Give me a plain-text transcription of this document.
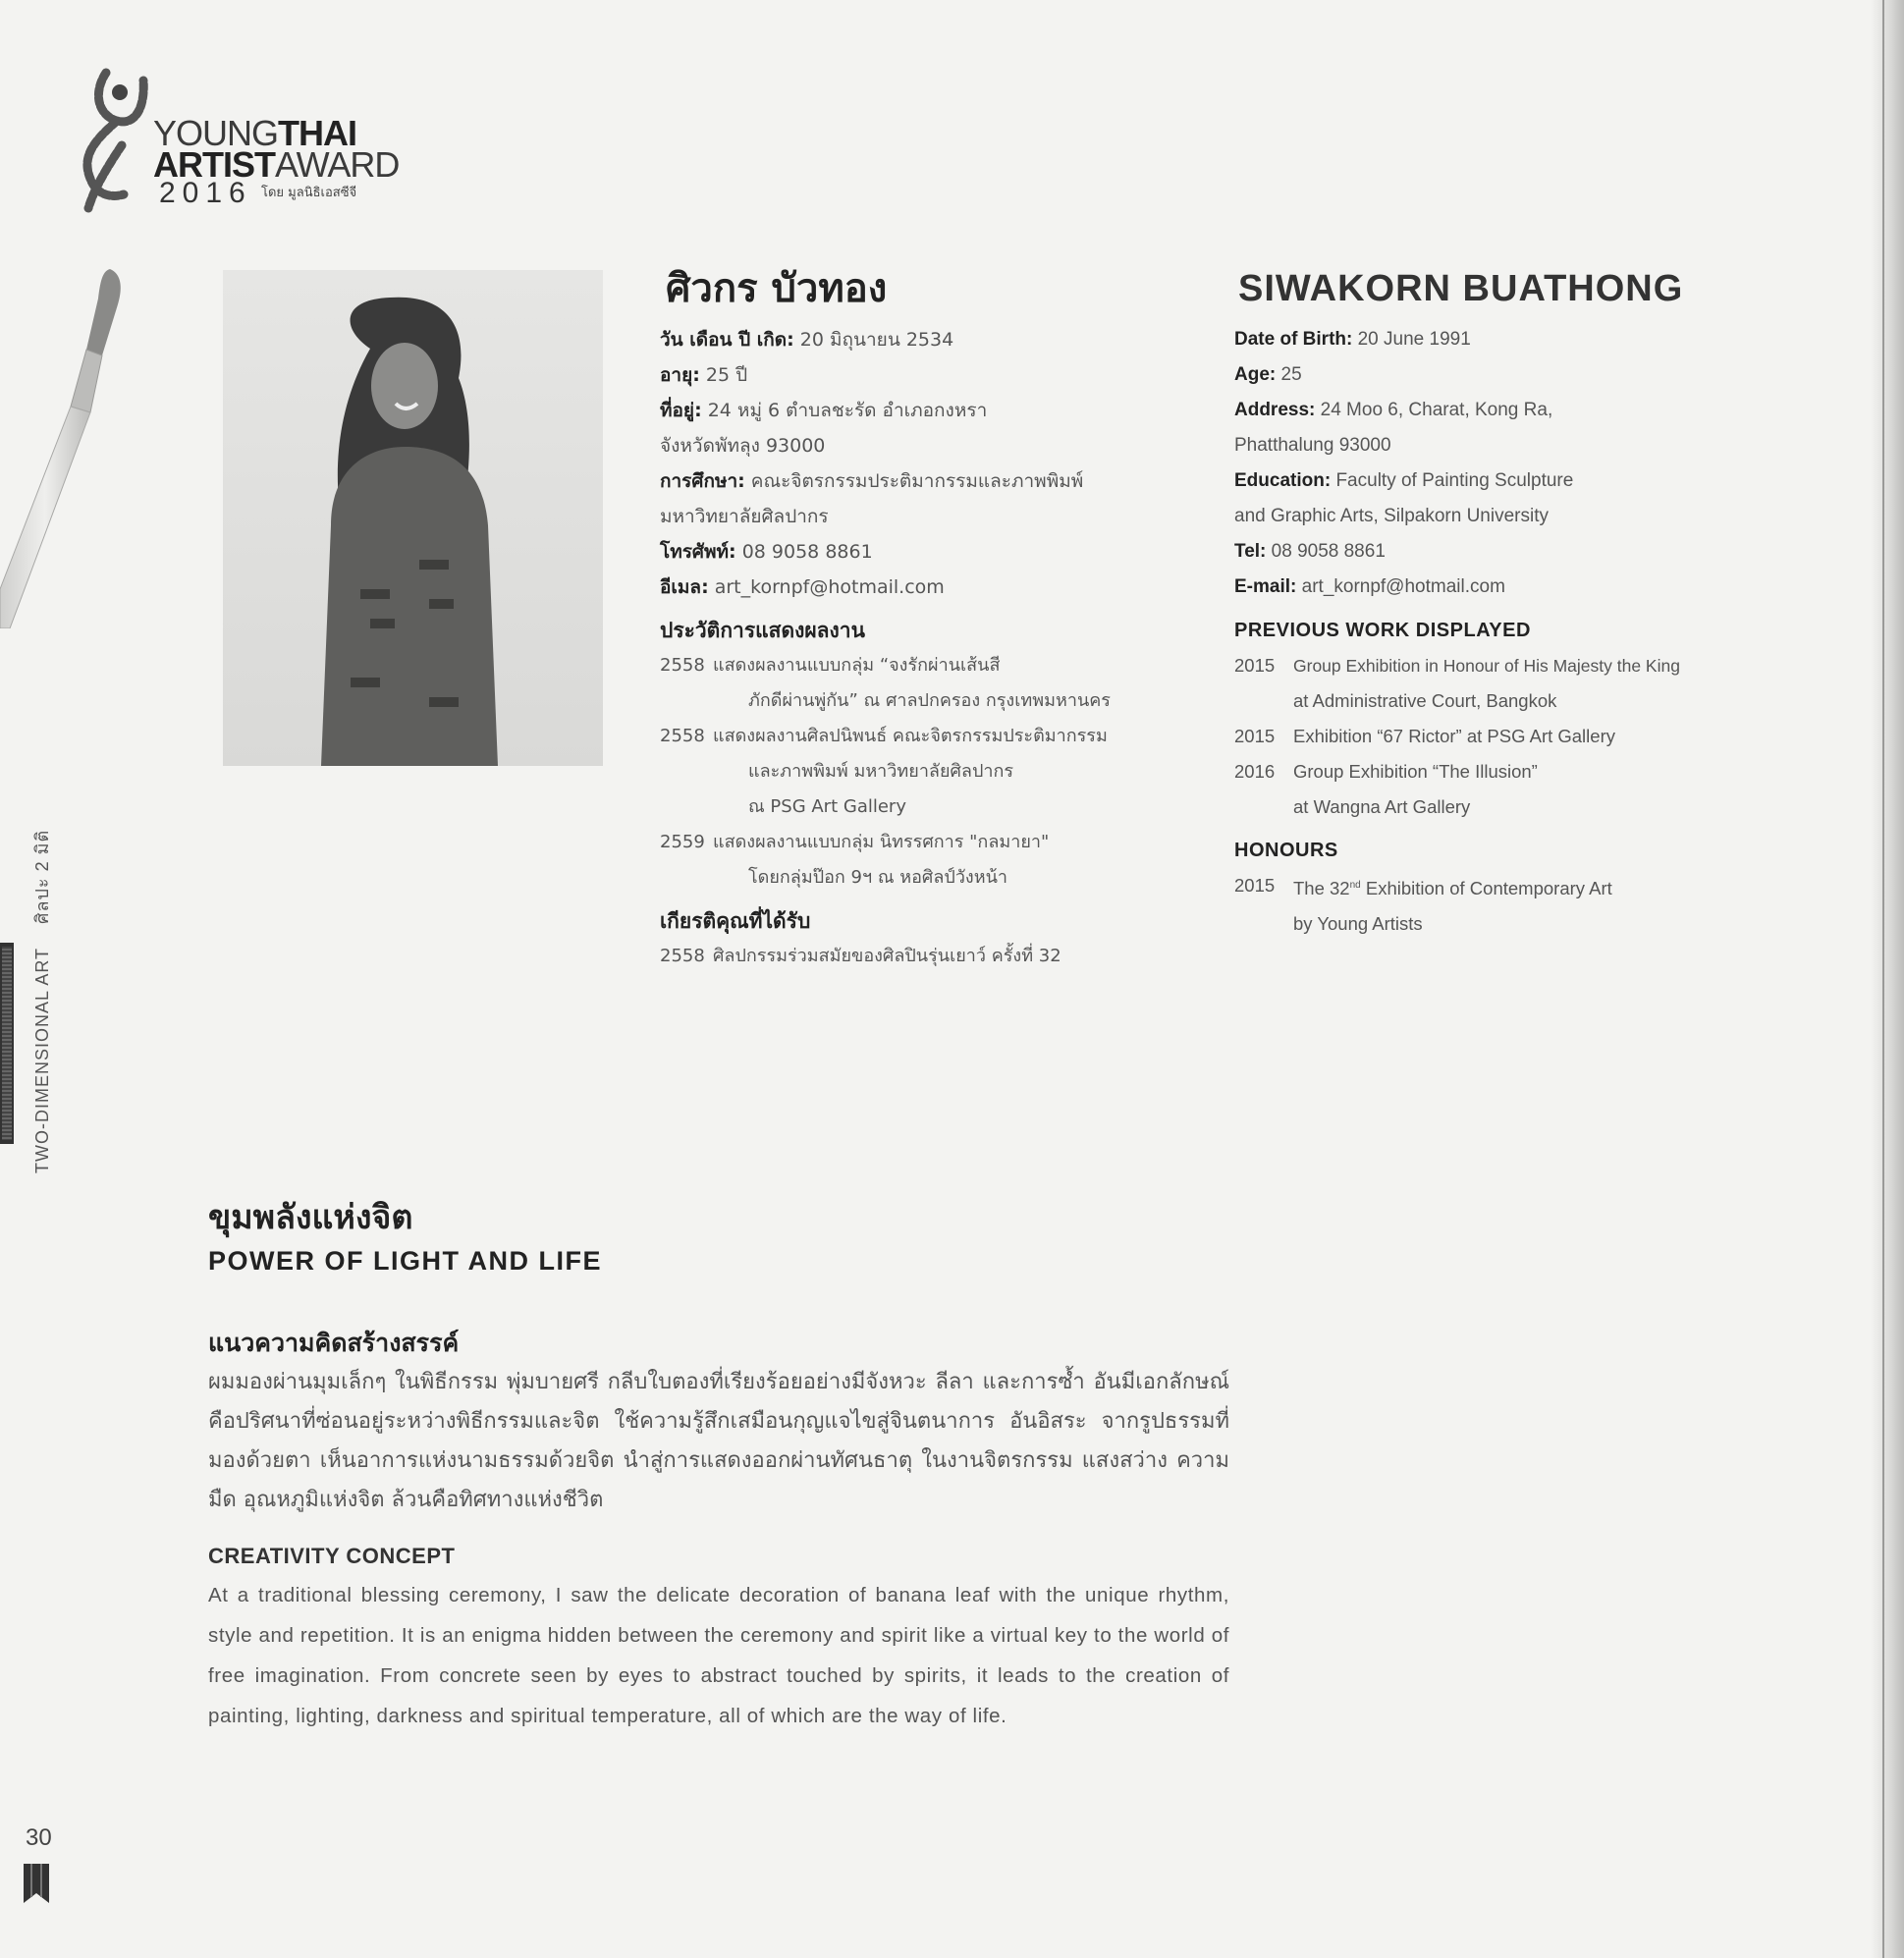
YOUNGTHAI
ARTISTAWARD
2016 โดย มูลนิธิเอสซีจี
TWO-DIMENSIONAL ARTศิลปะ 2 มิติ
ศิวกร บัวทอง
วัน เดือน ปี เกิด: 20 มิถุนายน 2534
อายุ: 25 ปี
ที่อยู่: 24 หมู่ 6 ตำบลชะรัด อำเภอกงหรา
จังหวัดพัทลุง 93000
การศึกษา: คณะจิตรกรรมประติมากรรมและภาพพิมพ์
มหาวิทยาลัยศิลปากร
โทรศัพท์: 08 9058 8861
อีเมล: art_kornpf@hotmail.com
ประวัติการแสดงผลงาน
2558 แสดงผลงานแบบกลุ่ม “จงรักผ่านเส้นสี
ภักดีผ่านพู่กัน” ณ ศาลปกครอง กรุงเทพมหานคร
2558 แสดงผลงานศิลปนิพนธ์ คณะจิตรกรรมประติมากรรม
และภาพพิมพ์ มหาวิทยาลัยศิลปากร
ณ PSG Art Gallery
2559 แสดงผลงานแบบกลุ่ม นิทรรศการ "กลมายา"
โดยกลุ่มป๊อก 9ฯ ณ หอศิลป์วังหน้า
เกียรติคุณที่ได้รับ
2558 ศิลปกรรมร่วมสมัยของศิลปินรุ่นเยาว์ ครั้งที่ 32
SIWAKORN BUATHONG
Date of Birth: 20 June 1991
Age: 25
Address: 24 Moo 6, Charat, Kong Ra,
Phatthalung 93000
Education: Faculty of Painting Sculpture
and Graphic Arts, Silpakorn University
Tel: 08 9058 8861
E-mail: art_kornpf@hotmail.com
PREVIOUS WORK DISPLAYED
2015	Group Exhibition in Honour of His Majesty the King
at Administrative Court, Bangkok
2015	Exhibition “67 Rictor” at PSG Art Gallery
2016	Group Exhibition “The Illusion”
at Wangna Art Gallery
HONOURS
2015	The 32nd Exhibition of Contemporary Art
by Young Artists
ขุมพลังแห่งจิต
POWER OF LIGHT AND LIFE
แนวความคิดสร้างสรรค์
ผมมองผ่านมุมเล็กๆ ในพิธีกรรม พุ่มบายศรี กลีบใบตองที่เรียงร้อยอย่างมีจังหวะ ลีลา และการซ้ำ อันมีเอกลักษณ์ คือปริศนาที่ซ่อนอยู่ระหว่างพิธีกรรมและจิต ใช้ความรู้สึกเสมือนกุญแจไขสู่จินตนาการ อันอิสระ จากรูปธรรมที่มองด้วยตา เห็นอาการแห่งนามธรรมด้วยจิต นำสู่การแสดงออกผ่านทัศนธาตุ ในงานจิตรกรรม แสงสว่าง ความมืด อุณหภูมิแห่งจิต ล้วนคือทิศทางแห่งชีวิต
CREATIVITY CONCEPT
At a traditional blessing ceremony, I saw the delicate decoration of banana leaf with the unique rhythm, style and repetition. It is an enigma hidden between the ceremony and spirit like a virtual key to the world of free imagination. From concrete seen by eyes to abstract touched by spirits, it leads to the creation of painting, lighting, darkness and spiritual temperature, all of which are the way of life.
30
